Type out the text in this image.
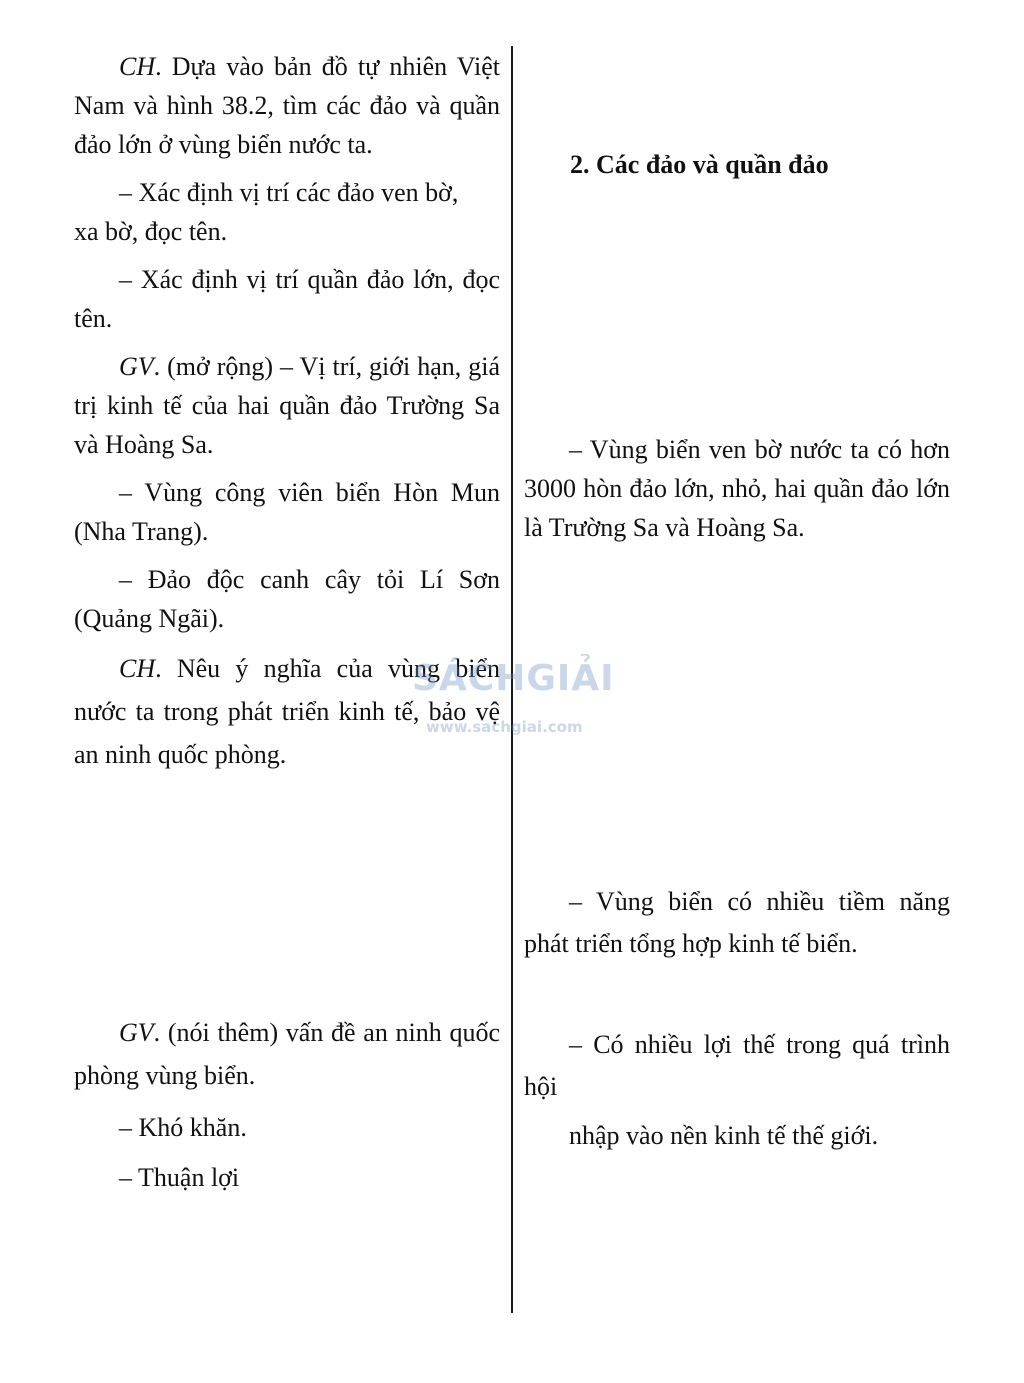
CH. Dựa vào bản đồ tự nhiên Việt Nam và hình 38.2, tìm các đảo và quần đảo lớn ở vùng biển nước ta.

– Xác định vị trí các đảo ven bờ,

xa bờ, đọc tên.

– Xác định vị trí quần đảo lớn, đọc tên.

GV. (mở rộng) – Vị trí, giới hạn, giá trị kinh tế của hai quần đảo Trường Sa và Hoàng Sa.

– Vùng công viên biển Hòn Mun (Nha Trang).

– Đảo độc canh cây tỏi Lí Sơn (Quảng Ngãi).

CH. Nêu ý nghĩa của vùng biển nước ta trong phát triển kinh tế, bảo vệ an ninh quốc phòng.

GV. (nói thêm) vấn đề an ninh quốc phòng vùng biển.

– Khó khăn.

– Thuận lợi

2. Các đảo và quần đảo

– Vùng biển ven bờ nước ta có hơn 3000 hòn đảo lớn, nhỏ, hai quần đảo lớn là Trường Sa và Hoàng Sa.

– Vùng biển có nhiều tiềm năng phát triển tổng hợp kinh tế biển.

– Có nhiều lợi thế trong quá trình hội

nhập vào nền kinh tế thế giới.

SÁCHGIẢI
www.sachgiai.com
